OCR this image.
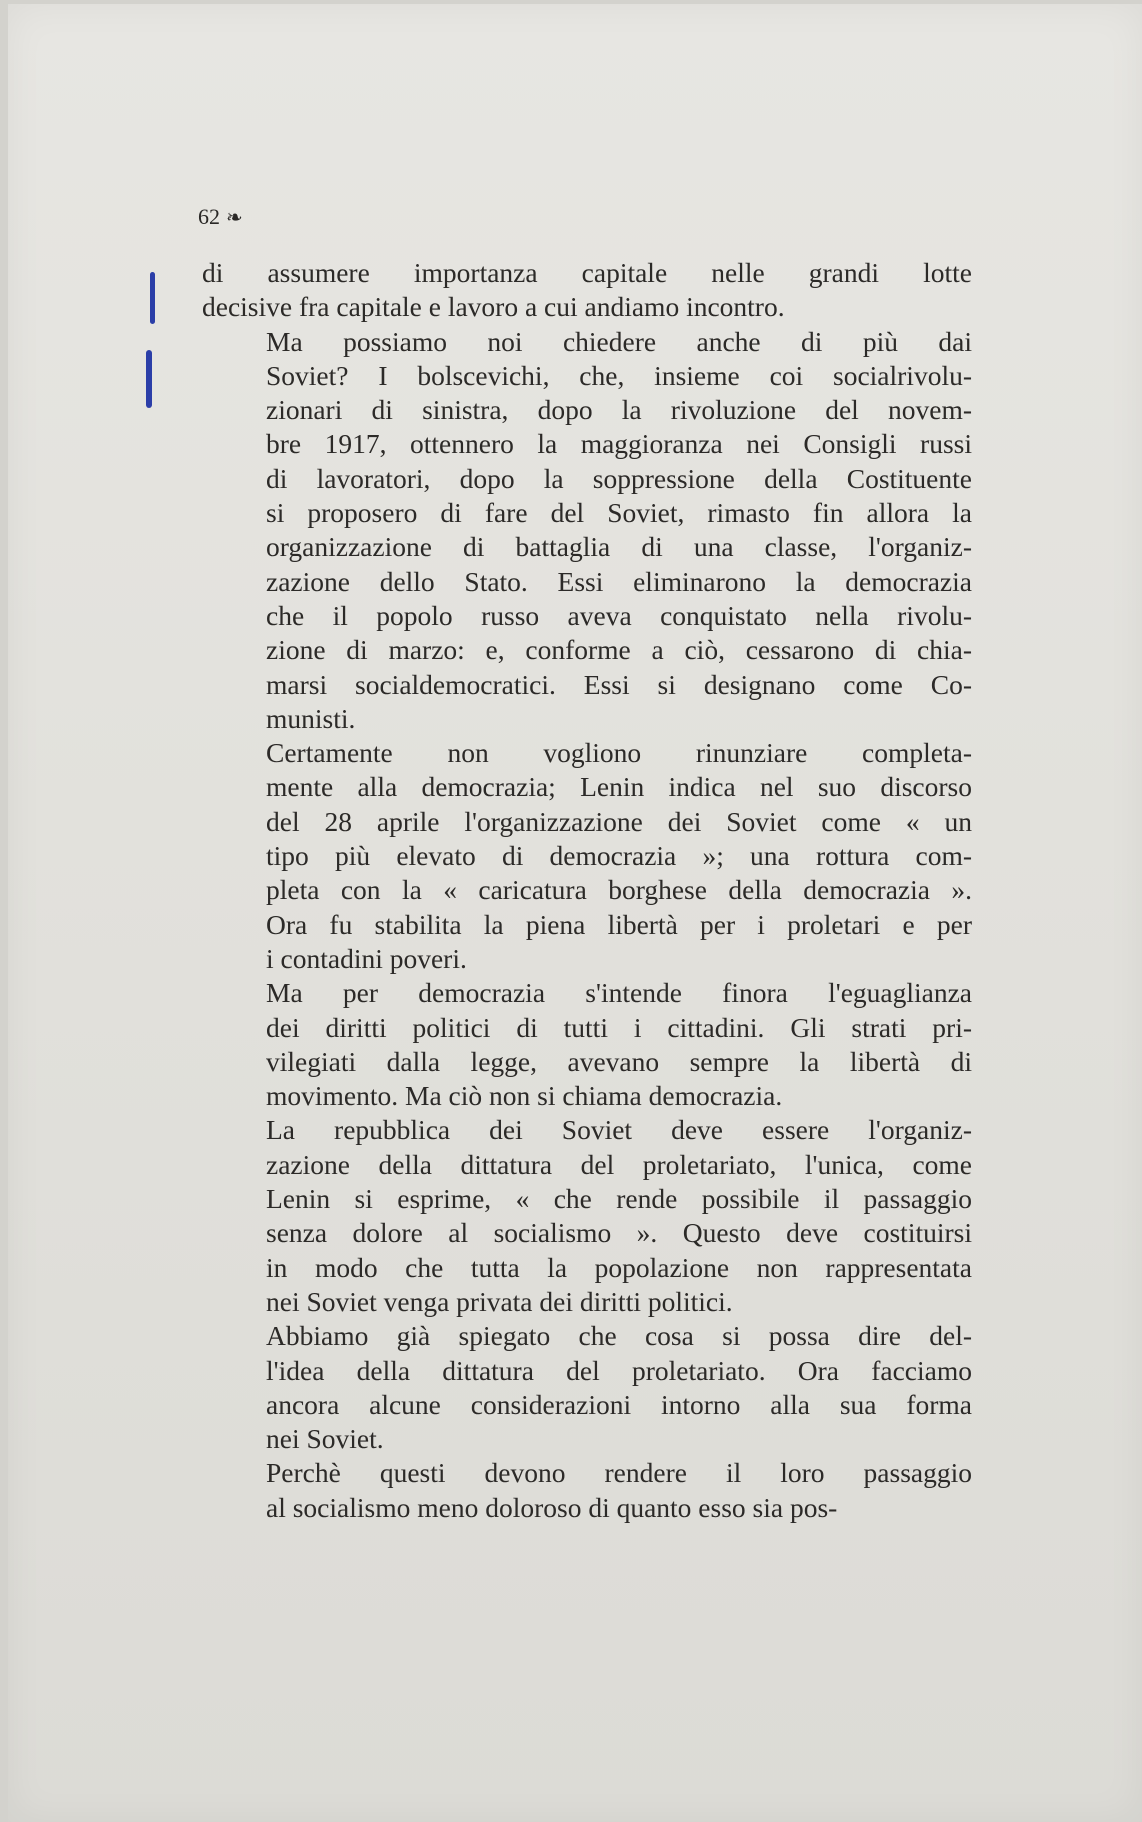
62 ❧

di assumere importanza capitale nelle grandi lotte
decisive fra capitale e lavoro a cui andiamo incontro.

Ma possiamo noi chiedere anche di più dai
Soviet? I bolscevichi, che, insieme coi socialrivolu-
zionari di sinistra, dopo la rivoluzione del novem-
bre 1917, ottennero la maggioranza nei Consigli russi
di lavoratori, dopo la soppressione della Costituente
si proposero di fare del Soviet, rimasto fin allora la
organizzazione di battaglia di una classe, l'organiz-
zazione dello Stato. Essi eliminarono la democrazia
che il popolo russo aveva conquistato nella rivolu-
zione di marzo: e, conforme a ciò, cessarono di chia-
marsi socialdemocratici. Essi si designano come Co-
munisti.

Certamente non vogliono rinunziare completa-
mente alla democrazia; Lenin indica nel suo discorso
del 28 aprile l'organizzazione dei Soviet come « un
tipo più elevato di democrazia »; una rottura com-
pleta con la « caricatura borghese della democrazia ».
Ora fu stabilita la piena libertà per i proletari e per
i contadini poveri.

Ma per democrazia s'intende finora l'eguaglianza
dei diritti politici di tutti i cittadini. Gli strati pri-
vilegiati dalla legge, avevano sempre la libertà di
movimento. Ma ciò non si chiama democrazia.

La repubblica dei Soviet deve essere l'organiz-
zazione della dittatura del proletariato, l'unica, come
Lenin si esprime, « che rende possibile il passaggio
senza dolore al socialismo ». Questo deve costituirsi
in modo che tutta la popolazione non rappresentata
nei Soviet venga privata dei diritti politici.

Abbiamo già spiegato che cosa si possa dire del-
l'idea della dittatura del proletariato. Ora facciamo
ancora alcune considerazioni intorno alla sua forma
nei Soviet.

Perchè questi devono rendere il loro passaggio
al socialismo meno doloroso di quanto esso sia pos-
